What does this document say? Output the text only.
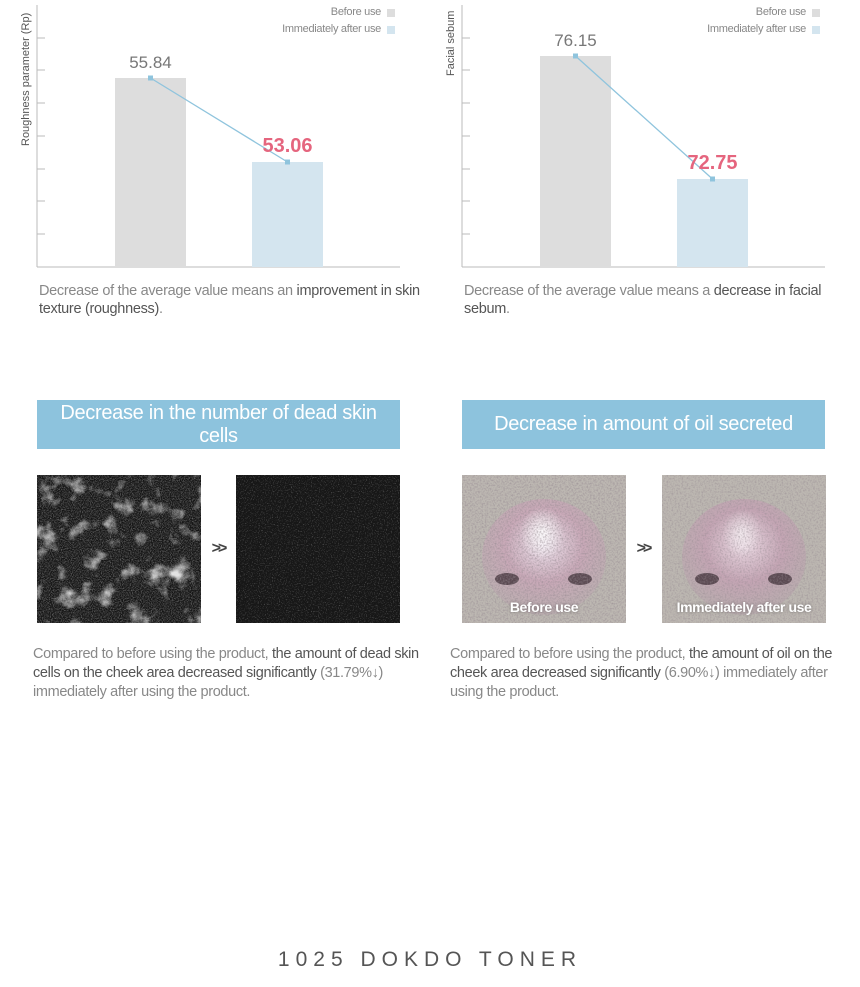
55.84
53.06
Roughness parameter (Rp)
Before use
Immediately after use
Decrease of the average value means an improvement in skin texture (roughness).
76.15
72.75
Facial sebum	Before use
Immediately after use
Decrease of the average value means a decrease in facial sebum.
Decrease in the number of dead skin cells
>>
Compared to before using the product, the amount of dead skin cells on the cheek area decreased significantly (31.79%↓) immediately after using the product.
Decrease in amount of oil secreted
Before use
>>
Immediately after use
Compared to before using the product, the amount of oil on the cheek area decreased significantly (6.90%↓) immediately after using the product.
1025 DOKDO TONER
